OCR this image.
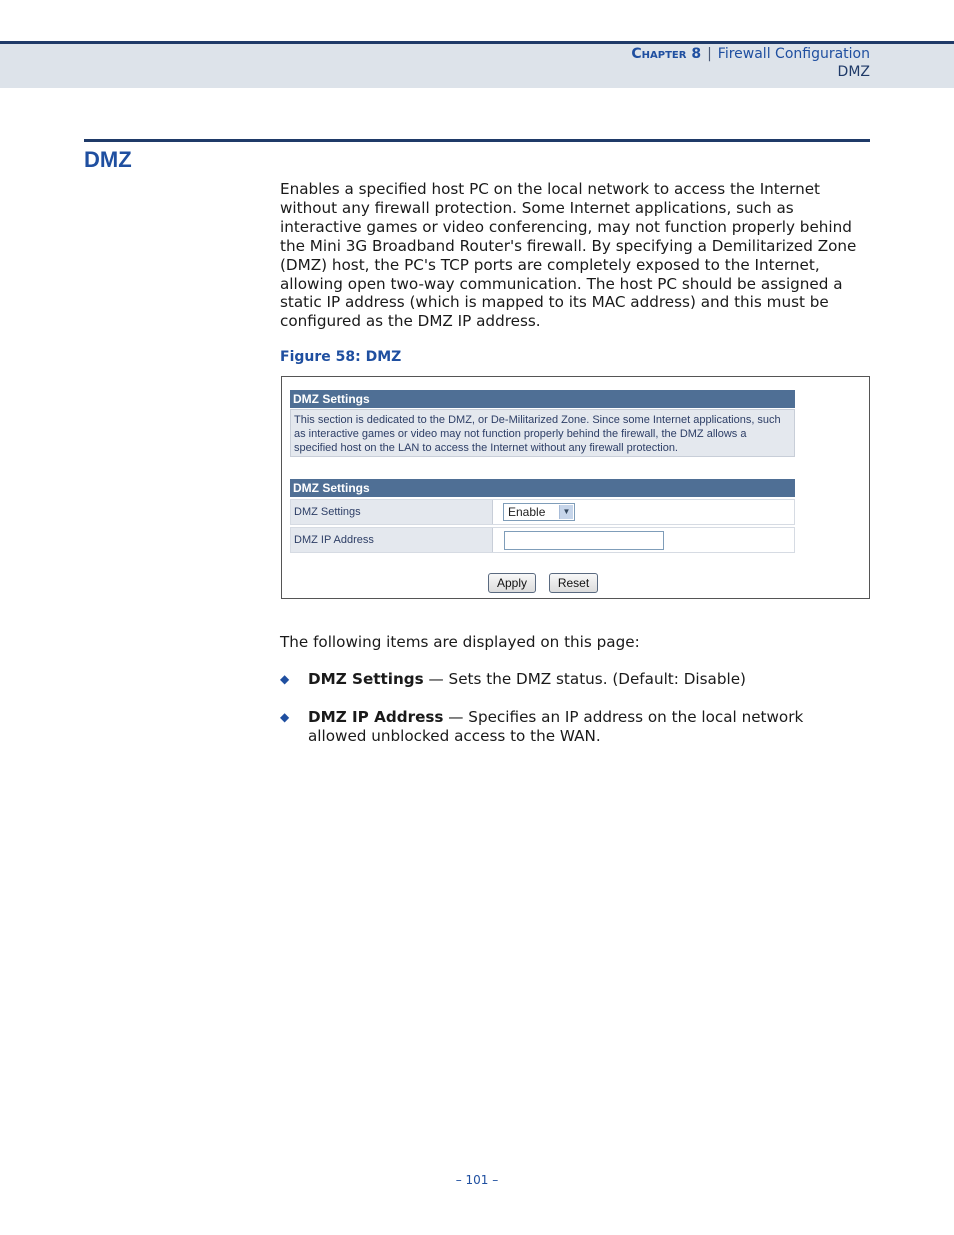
Chapter 8 | Firewall Configuration
DMZ
DMZ
Enables a specified host PC on the local network to access the Internet without any firewall protection. Some Internet applications, such as interactive games or video conferencing, may not function properly behind the Mini 3G Broadband Router's firewall. By specifying a Demilitarized Zone (DMZ) host, the PC's TCP ports are completely exposed to the Internet, allowing open two-way communication. The host PC should be assigned a static IP address (which is mapped to its MAC address) and this must be configured as the DMZ IP address.
Figure 58: DMZ
DMZ Settings
This section is dedicated to the DMZ, or De-Militarized Zone. Since some Internet applications, such as interactive games or video may not function properly behind the firewall, the DMZ allows a specified host on the LAN to access the Internet without any firewall protection.
DMZ Settings
DMZ Settings	Enable	▼
DMZ IP Address
Apply	Reset
The following items are displayed on this page:
◆ DMZ Settings — Sets the DMZ status. (Default: Disable)
◆ DMZ IP Address — Specifies an IP address on the local network allowed unblocked access to the WAN.
– 101 –
